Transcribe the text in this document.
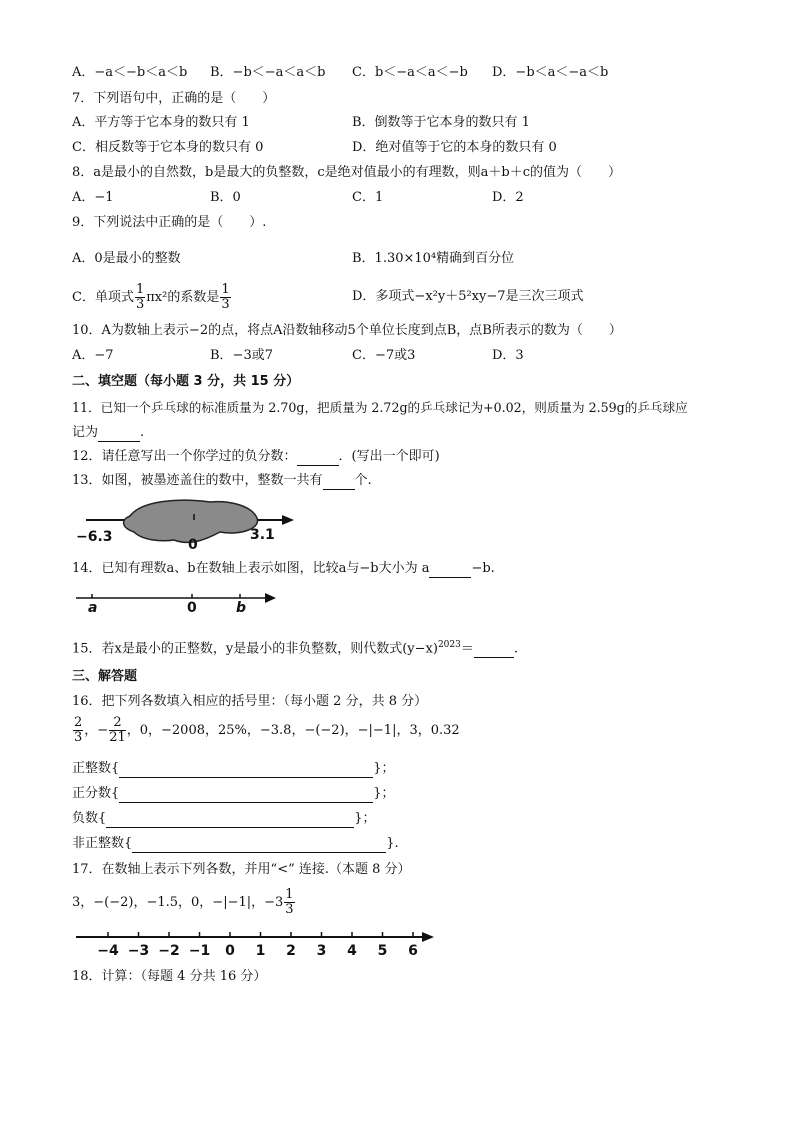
A．−a＜−b＜a＜b B．−b＜−a＜a＜b C．b＜−a＜a＜−b D．−b＜a＜−a＜b
7．下列语句中，正确的是（　　）
A．平方等于它本身的数只有 1	B．倒数等于它本身的数只有 1
C．相反数等于它本身的数只有 0	D．绝对值等于它的本身的数只有 0
8．a是最小的自然数，b是最大的负整数，c是绝对值最小的有理数，则a＋b＋c的值为（　　）
A．−1	B．0	C．1	D．2
9．下列说法中正确的是（　　）.
A．0是最小的整数	B．1.30×10⁴精确到百分位
C．单项式 $\frac{1}{3} \pi x^2$的系数是 $\frac{1}{3}$	D．多项式−x²y＋5²xy−7是三次三项式
10．A为数轴上表示−2的点，将点A沿数轴移动5个单位长度到点B，点B所表示的数为（　　）
A．−7	B．−3或7	C．−7或3	D．3
二、填空题（每小题 3 分，共 15 分）
11．已知一个乒乓球的标准质量为 2.70g，把质量为 2.72g的乒乓球记为+0.02，则质量为 2.59g的乒乓球应
记为	.
12．请任意写出一个你学过的负分数：	．(写出一个即可)
13．如图，被墨迹盖住的数中，整数一共有 个.
−6.3	0
3.1
14．已知有理数a、b在数轴上表示如图，比较a与−b大小为 a	−b.
a	0	b
15．若x是最小的正整数，y是最小的非负整数，则代数式$(y-x)^{2023}=$	.
三、解答题
16．把下列各数填入相应的括号里：（每小题 2 分，共 8 分）
$\frac{2}{3}$ ，− $\frac{2}{21}$ ，0，−2008，25%，−3.8，−(−2)，−|−1|，3，0.32
正整数{	}；
正分数{	}；
负数{	}；
非正整数{	}.
17．在数轴上表示下列各数，并用“<” 连接.（本题 8 分）
3，−(−2)，−1.5，0，−|−1|，$-3 \frac{1}{3}$
−4 −3 −2 −1 0 1 2 3 4 5 6
18．计算：（每题 4 分共 16 分）
